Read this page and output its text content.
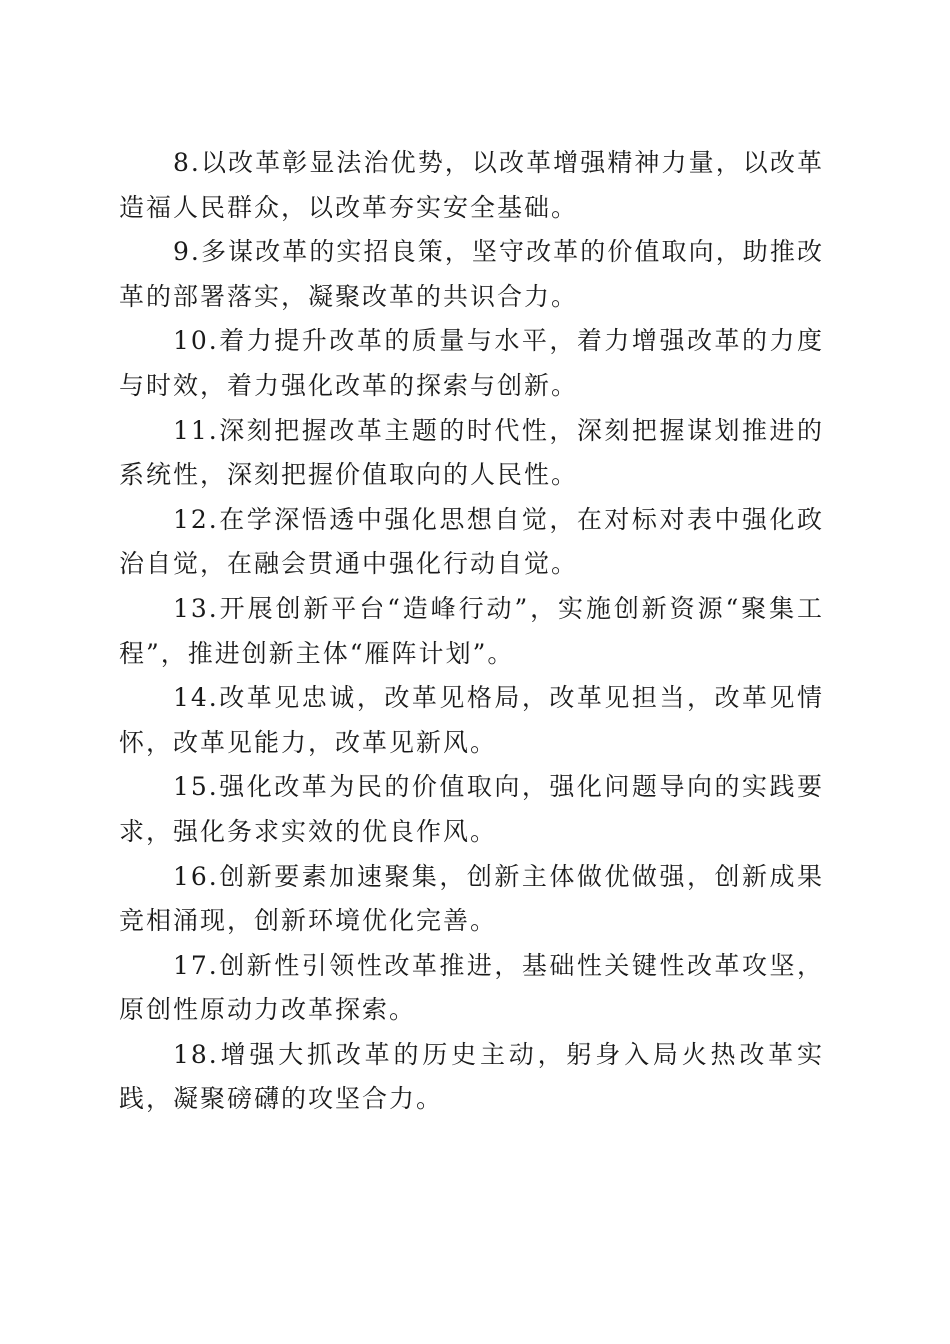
8.以改革彰显法治优势，以改革增强精神力量，以改革造福人民群众，以改革夯实安全基础。

9.多谋改革的实招良策，坚守改革的价值取向，助推改革的部署落实，凝聚改革的共识合力。

10.着力提升改革的质量与水平，着力增强改革的力度与时效，着力强化改革的探索与创新。

11.深刻把握改革主题的时代性，深刻把握谋划推进的系统性，深刻把握价值取向的人民性。

12.在学深悟透中强化思想自觉，在对标对表中强化政治自觉，在融会贯通中强化行动自觉。

13.开展创新平台“造峰行动”，实施创新资源“聚集工程”，推进创新主体“雁阵计划”。

14.改革见忠诚，改革见格局，改革见担当，改革见情怀，改革见能力，改革见新风。

15.强化改革为民的价值取向，强化问题导向的实践要求，强化务求实效的优良作风。

16.创新要素加速聚集，创新主体做优做强，创新成果竞相涌现，创新环境优化完善。

17.创新性引领性改革推进，基础性关键性改革攻坚，原创性原动力改革探索。

18.增强大抓改革的历史主动，躬身入局火热改革实践，凝聚磅礴的攻坚合力。
